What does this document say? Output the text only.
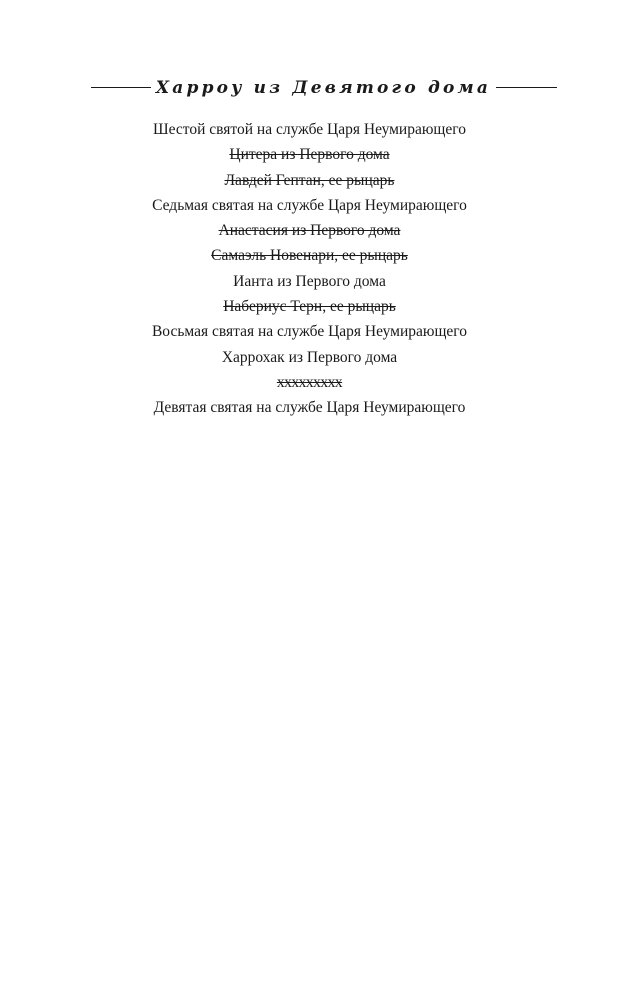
Харроу из Девятого дома
Шестой святой на службе Царя Неумирающего
Цитера из Первого дома
Лавдей Гептан, ее рыцарь
Седьмая святая на службе Царя Неумирающего
Анастасия из Первого дома
Самаэль Новенари, ее рыцарь
Ианта из Первого дома
Набериус Терн, ее рыцарь
Восьмая святая на службе Царя Неумирающего
Харрохак из Первого дома
xxxxxxxxx
Девятая святая на службе Царя Неумирающего
